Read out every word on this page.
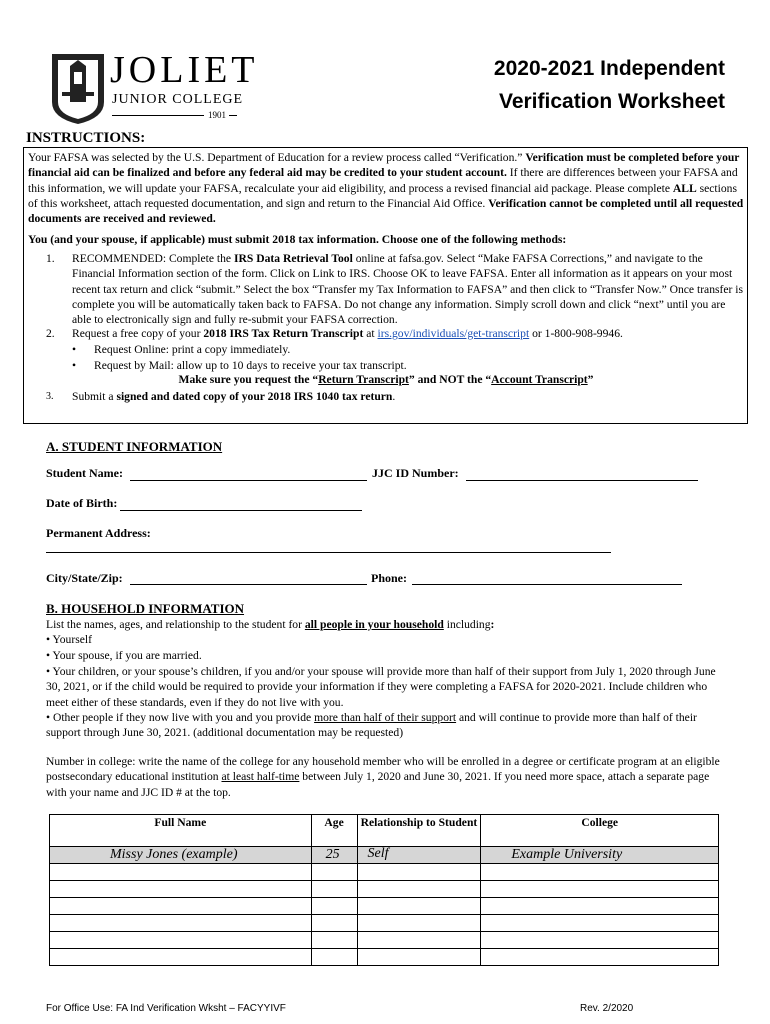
JOLIET
JUNIOR COLLEGE
1901
2020-2021 Independent
Verification Worksheet
INSTRUCTIONS:
Your FAFSA was selected by the U.S. Department of Education for a review process called “Verification.” Verification must be completed before your financial aid can be finalized and before any federal aid may be credited to your student account. If there are differences between your FAFSA and this information, we will update your FAFSA, recalculate your aid eligibility, and process a revised financial aid package. Please complete ALL sections of this worksheet, attach requested documentation, and sign and return to the Financial Aid Office. Verification cannot be completed until all requested documents are received and reviewed.
You (and your spouse, if applicable) must submit 2018 tax information. Choose one of the following methods:
1. RECOMMENDED: Complete the IRS Data Retrieval Tool online at fafsa.gov. Select “Make FAFSA Corrections,” and navigate to the Financial Information section of the form. Click on Link to IRS. Choose OK to leave FAFSA. Enter all information as it appears on your most recent tax return and click “submit.” Select the box “Transfer my Tax Information to FAFSA” and then click to “Transfer Now.” Once transfer is complete you will be automatically taken back to FAFSA. Do not change any information. Simply scroll down and click “next” until you are able to electronically sign and fully re-submit your FAFSA correction.
2. Request a free copy of your 2018 IRS Tax Return Transcript at irs.gov/individuals/get-transcript or 1-800-908-9946.
• Request Online: print a copy immediately.
• Request by Mail: allow up to 10 days to receive your tax transcript.
Make sure you request the “Return Transcript” and NOT the “Account Transcript”
3. Submit a signed and dated copy of your 2018 IRS 1040 tax return.
A. STUDENT INFORMATION
Student Name:	JJC ID Number:
Date of Birth:
Permanent Address:
City/State/Zip:	Phone:
B. HOUSEHOLD INFORMATION
List the names, ages, and relationship to the student for all people in your household including:
• Yourself
• Your spouse, if you are married.
• Your children, or your spouse’s children, if you and/or your spouse will provide more than half of their support from July 1, 2020 through June 30, 2021, or if the child would be required to provide your information if they were completing a FAFSA for 2020-2021. Include children who meet either of these standards, even if they do not live with you.
• Other people if they now live with you and you provide more than half of their support and will continue to provide more than half of their support through June 30, 2021. (additional documentation may be requested)
Number in college: write the name of the college for any household member who will be enrolled in a degree or certificate program at an eligible postsecondary educational institution at least half-time between July 1, 2020 and June 30, 2021. If you need more space, attach a separate page with your name and JJC ID # at the top.
Full Name	Age	Relationship to Student	College
Missy Jones (example)	25	Self	Example University

For Office Use: FA Ind Verification Wksht – FACYYIVF	Rev. 2/2020
